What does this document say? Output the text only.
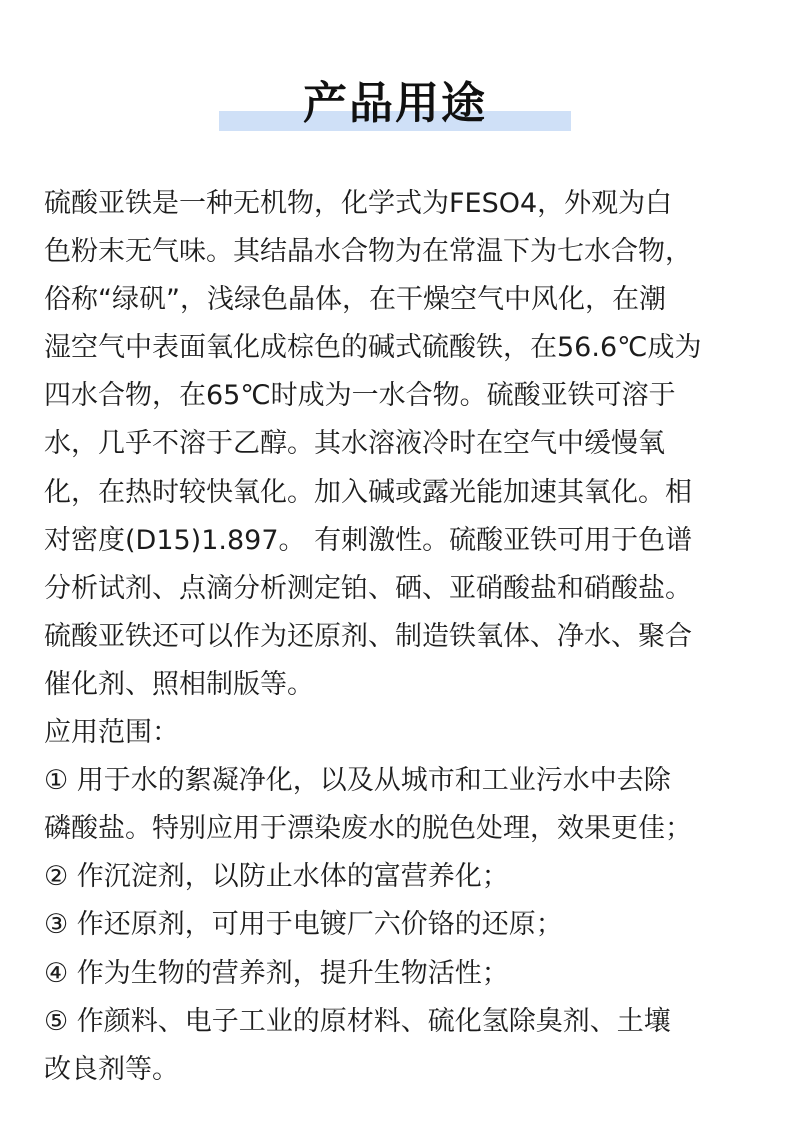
产品用途
硫酸亚铁是一种无机物，化学式为FESO4，外观为白
色粉末无气味。其结晶水合物为在常温下为七水合物，
俗称“绿矾”，浅绿色晶体，在干燥空气中风化，在潮
湿空气中表面氧化成棕色的碱式硫酸铁，在56.6℃成为
四水合物，在65℃时成为一水合物。硫酸亚铁可溶于
水，几乎不溶于乙醇。其水溶液冷时在空气中缓慢氧
化，在热时较快氧化。加入碱或露光能加速其氧化。相
对密度(D15)1.897。 有刺激性。硫酸亚铁可用于色谱
分析试剂、点滴分析测定铂、硒、亚硝酸盐和硝酸盐。
硫酸亚铁还可以作为还原剂、制造铁氧体、净水、聚合
催化剂、照相制版等。
应用范围：
① 用于水的絮凝净化，以及从城市和工业污水中去除
磷酸盐。特别应用于漂染废水的脱色处理，效果更佳；
② 作沉淀剂，以防止水体的富营养化；
③ 作还原剂，可用于电镀厂六价铬的还原；
④ 作为生物的营养剂，提升生物活性；
⑤ 作颜料、电子工业的原材料、硫化氢除臭剂、土壤
改良剂等。
